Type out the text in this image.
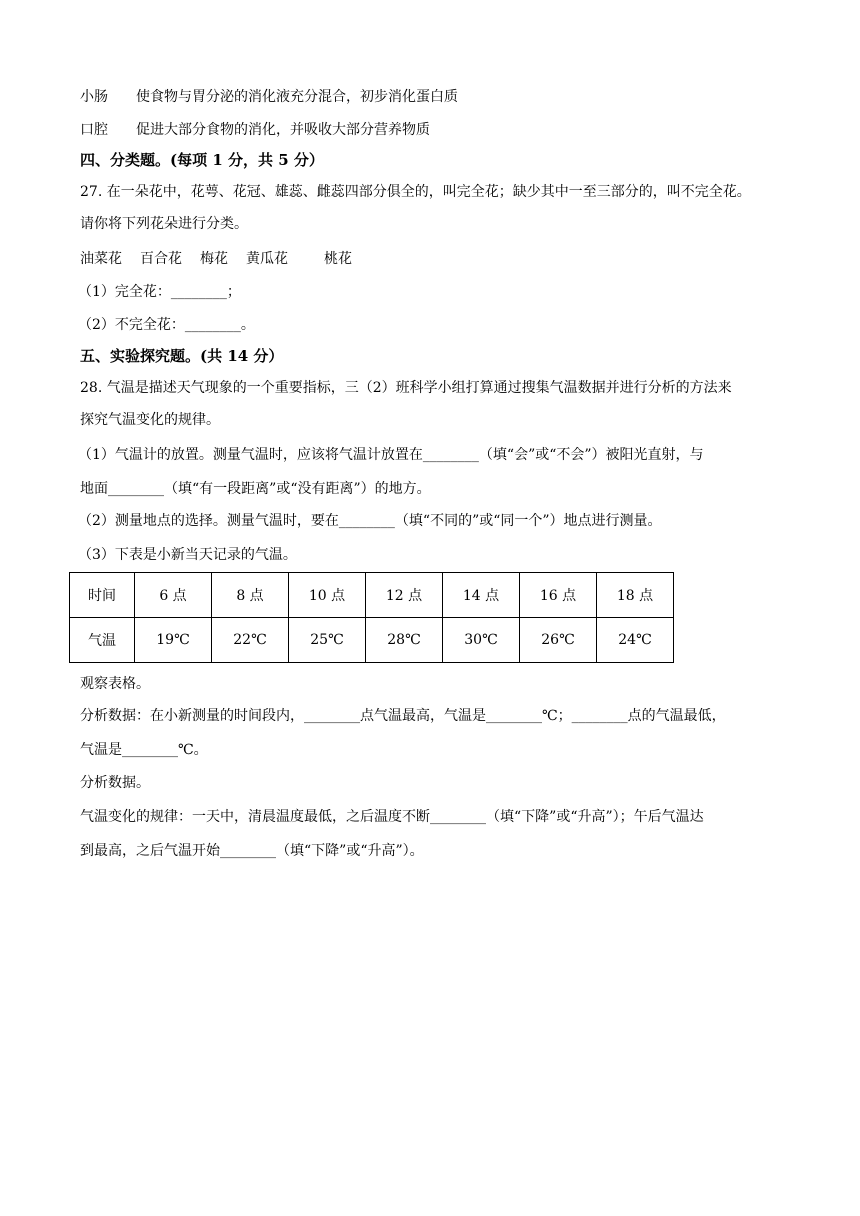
小肠 使食物与胃分泌的消化液充分混合，初步消化蛋白质
口腔 促进大部分食物的消化，并吸收大部分营养物质
四、分类题。(每项 1 分，共 5 分）
27. 在一朵花中，花萼、花冠、雄蕊、雌蕊四部分俱全的，叫完全花；缺少其中一至三部分的，叫不完全花。
请你将下列花朵进行分类。
油菜花 百合花 梅花 黄瓜花	桃花
（1）完全花：________；
（2）不完全花：________。
五、实验探究题。(共 14 分）
28. 气温是描述天气现象的一个重要指标，三（2）班科学小组打算通过搜集气温数据并进行分析的方法来
探究气温变化的规律。
（1）气温计的放置。测量气温时，应该将气温计放置在________（填“会”或“不会”）被阳光直射，与
地面________（填“有一段距离”或“没有距离”）的地方。
（2）测量地点的选择。测量气温时，要在________（填“不同的”或“同一个”）地点进行测量。
（3）下表是小新当天记录的气温。
时间	6 点	8 点	10 点	12 点	14 点	16 点	18 点
气温	19℃	22℃	25℃	28℃	30℃	26℃	24℃
观察表格。
分析数据：在小新测量的时间段内，________点气温最高，气温是________℃；________点的气温最低，
气温是________℃。
分析数据。
气温变化的规律：一天中，清晨温度最低，之后温度不断________（填“下降”或“升高”）；午后气温达
到最高，之后气温开始________（填“下降”或“升高”）。
